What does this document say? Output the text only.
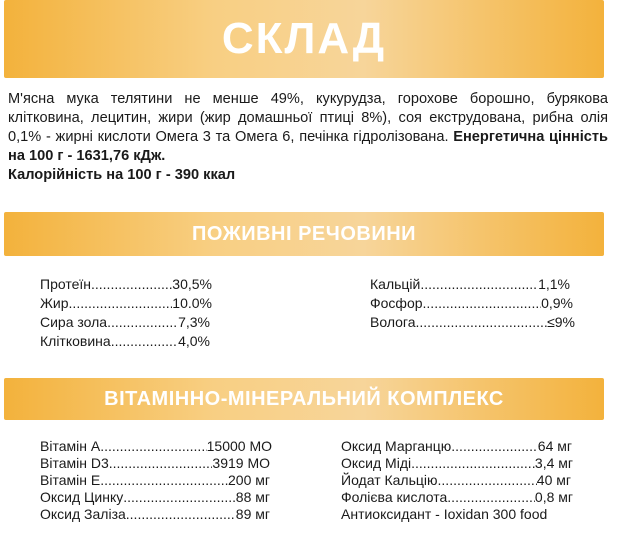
СКЛАД
М'ясна мука телятини не менше 49%, кукурудза, горохове борошно, бурякова клітковина, лецитин, жири (жир домашньої птиці 8%), соя екструдована, рибна олія 0,1% - жирні кислоти Омега 3 та Омега 6, печінка гідролізована. Енергетична цінність на 100 г - 1631,76 кДж.
Калорійність на 100 г - 390 ккал
ПОЖИВНІ РЕЧОВИНИ
Протеїн .....	30,5%
Жир .....	10.0%
Сира зола .....	7,3%
Клітковина .....	4,0%
Кальцій .....	1,1%
Фосфор .....	0,9%
Волога .....	≤9%
ВІТАМІННО-МІНЕРАЛЬНИЙ КОМПЛЕКС
Вітамін А .....	15000 МО
Вітамін D3 .....	3919 МО
Вітамін Е .....	200 мг
Оксид Цинку .....	88 мг
Оксид Заліза .....	89 мг
Оксид Марганцю .....	64 мг
Оксид Міді .....	3,4 мг
Йодат Кальцію .....	40 мг
Фолієва кислота .....	0,8 мг
Антиоксидант - Ioxidan 300 food
